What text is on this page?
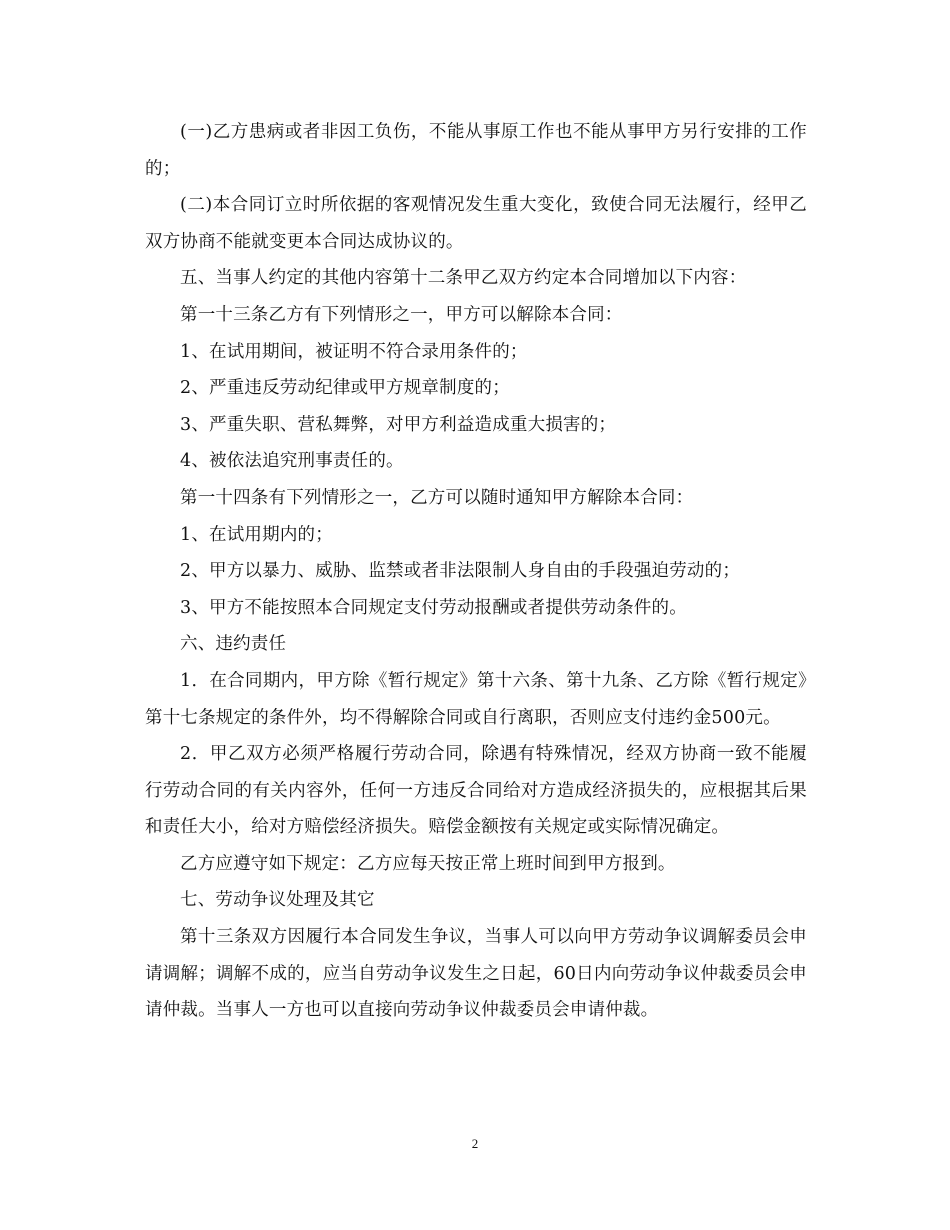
(一)乙方患病或者非因工负伤，不能从事原工作也不能从事甲方另行安排的工作的；

(二)本合同订立时所依据的客观情况发生重大变化，致使合同无法履行，经甲乙双方协商不能就变更本合同达成协议的。

五、当事人约定的其他内容第十二条甲乙双方约定本合同增加以下内容：

第一十三条乙方有下列情形之一，甲方可以解除本合同：

1、在试用期间，被证明不符合录用条件的；

2、严重违反劳动纪律或甲方规章制度的；

3、严重失职、营私舞弊，对甲方利益造成重大损害的；

4、被依法追究刑事责任的。

第一十四条有下列情形之一，乙方可以随时通知甲方解除本合同：

1、在试用期内的；

2、甲方以暴力、威胁、监禁或者非法限制人身自由的手段强迫劳动的；

3、甲方不能按照本合同规定支付劳动报酬或者提供劳动条件的。

六、违约责任

1．在合同期内，甲方除《暂行规定》第十六条、第十九条、乙方除《暂行规定》第十七条规定的条件外，均不得解除合同或自行离职，否则应支付违约金500元。

2．甲乙双方必须严格履行劳动合同，除遇有特殊情况，经双方协商一致不能履行劳动合同的有关内容外，任何一方违反合同给对方造成经济损失的，应根据其后果和责任大小，给对方赔偿经济损失。赔偿金额按有关规定或实际情况确定。

乙方应遵守如下规定：乙方应每天按正常上班时间到甲方报到。

七、劳动争议处理及其它

第十三条双方因履行本合同发生争议，当事人可以向甲方劳动争议调解委员会申请调解；调解不成的，应当自劳动争议发生之日起，60日内向劳动争议仲裁委员会申请仲裁。当事人一方也可以直接向劳动争议仲裁委员会申请仲裁。

2
